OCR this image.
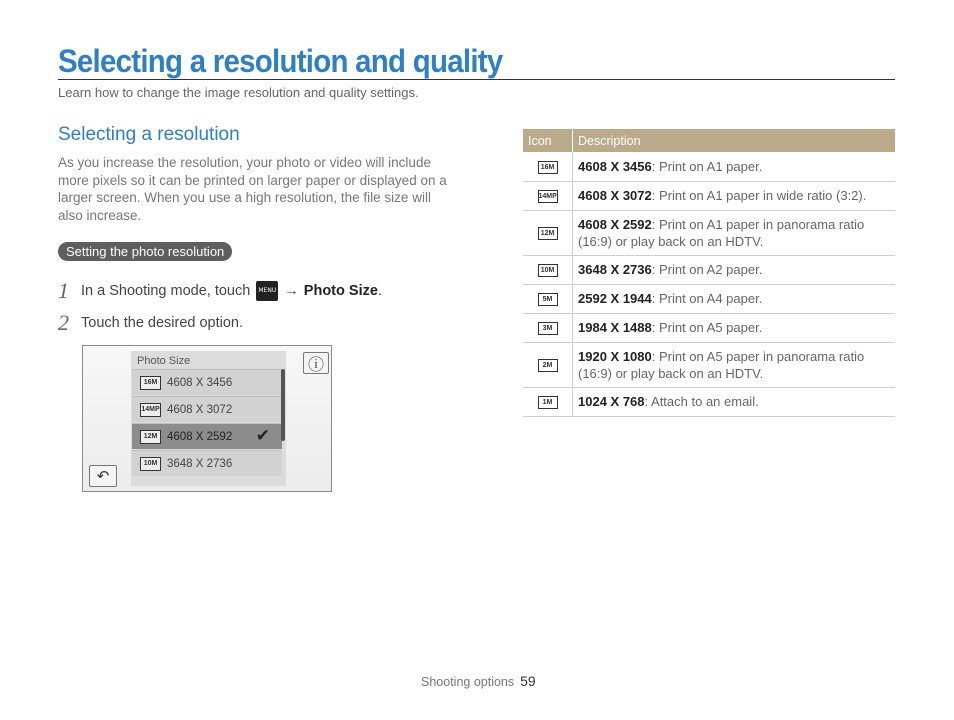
Selecting a resolution and quality
Learn how to change the image resolution and quality settings.
Selecting a resolution
As you increase the resolution, your photo or video will include more pixels so it can be printed on larger paper or displayed on a larger screen. When you use a high resolution, the file size will also increase.
Setting the photo resolution
1 In a Shooting mode, touch	MENU → Photo Size .
2 Touch the desired option.
Photo Size
16M 4608 X 3456
14MP 4608 X 3072
12M 4608 X 2592 ✔
10M 3648 X 2736
ⓘ
↶
Icon	Description
16M	4608 X 3456: Print on A1 paper.
14MP	4608 X 3072: Print on A1 paper in wide ratio (3:2).
12M	4608 X 2592: Print on A1 paper in panorama ratio (16:9) or play back on an HDTV.
10M	3648 X 2736: Print on A2 paper.
5M	2592 X 1944: Print on A4 paper.
3M	1984 X 1488: Print on A5 paper.
2M	1920 X 1080: Print on A5 paper in panorama ratio (16:9) or play back on an HDTV.
1M	1024 X 768: Attach to an email.
Shooting options 59
